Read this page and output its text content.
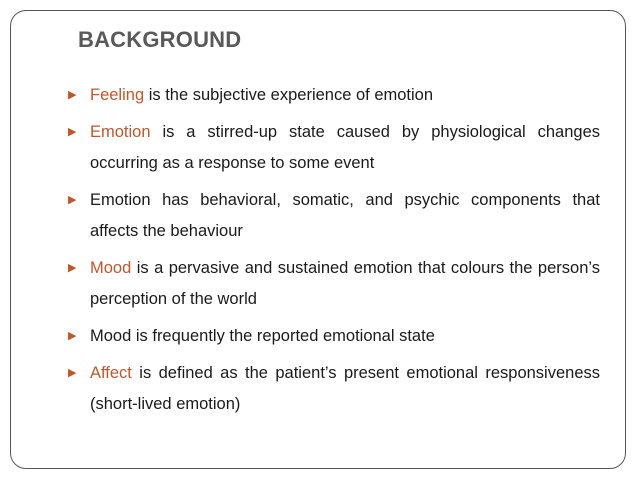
BACKGROUND
▶ Feeling is the subjective experience of emotion
▶ Emotion is a stirred-up state caused by physiological changes occurring as a response to some event
▶ Emotion has behavioral, somatic, and psychic components that affects the behaviour
▶ Mood is a pervasive and sustained emotion that colours the person’s perception of the world
▶ Mood is frequently the reported emotional state
▶ Affect is defined as the patient’s present emotional responsiveness (short-lived emotion)
